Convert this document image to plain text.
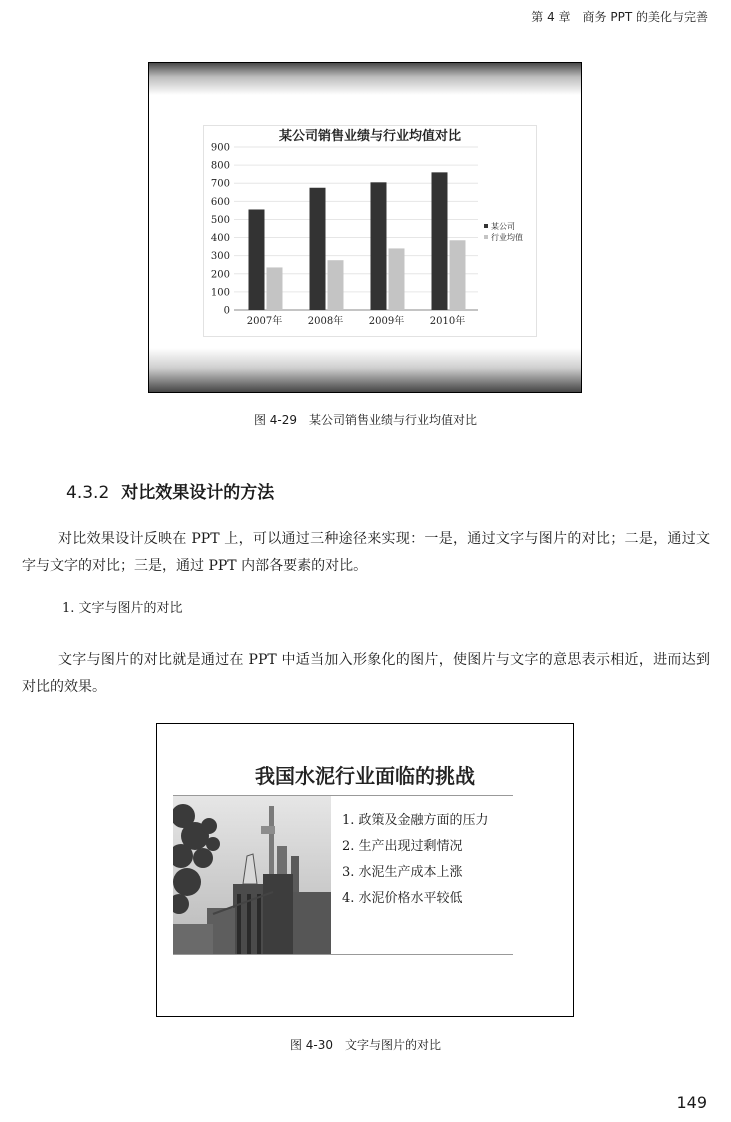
第 4 章　商务 PPT 的美化与完善
某公司销售业绩与行业均值对比
0
100
200
300
400
500
600
700
800
900
2007年	2008年	2009年	2010年
某公司
行业均值
图 4-29　某公司销售业绩与行业均值对比
4.3.2 对比效果设计的方法

对比效果设计反映在 PPT 上，可以通过三种途径来实现：一是，通过文字与图片的对比；二是，通过文字与文字的对比；三是，通过 PPT 内部各要素的对比。

1. 文字与图片的对比

文字与图片的对比就是通过在 PPT 中适当加入形象化的图片，使图片与文字的意思表示相近，进而达到对比的效果。

我国水泥行业面临的挑战
1. 政策及金融方面的压力
2. 生产出现过剩情况
3. 水泥生产成本上涨
4. 水泥价格水平较低
图 4-30　文字与图片的对比
149
